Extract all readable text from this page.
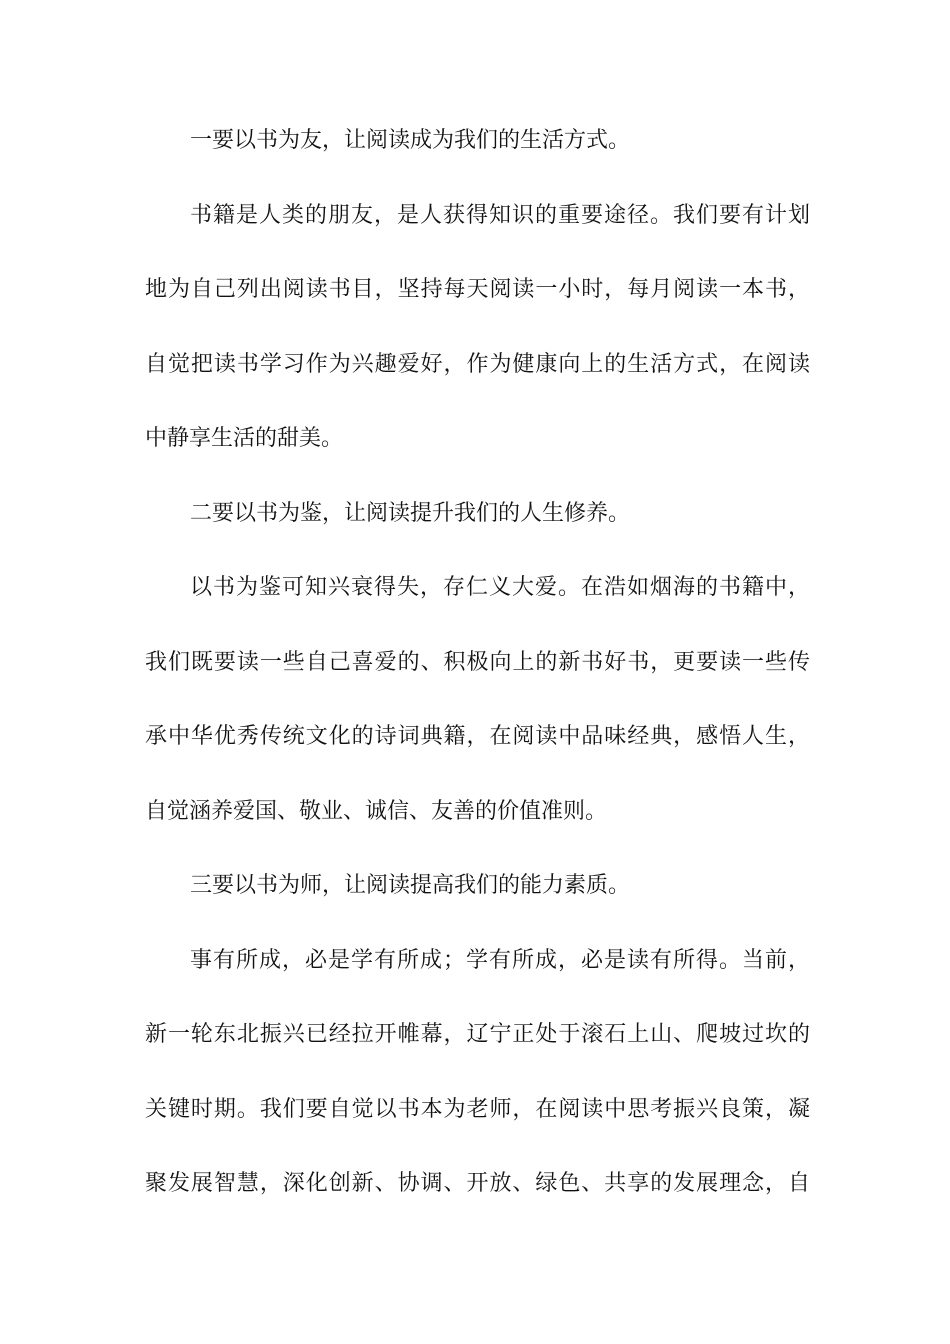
一要以书为友，让阅读成为我们的生活方式。
书籍是人类的朋友，是人获得知识的重要途径。我们要有计划
地为自己列出阅读书目，坚持每天阅读一小时，每月阅读一本书，
自觉把读书学习作为兴趣爱好，作为健康向上的生活方式，在阅读
中静享生活的甜美。
二要以书为鉴，让阅读提升我们的人生修养。
以书为鉴可知兴衰得失，存仁义大爱。在浩如烟海的书籍中，
我们既要读一些自己喜爱的、积极向上的新书好书，更要读一些传
承中华优秀传统文化的诗词典籍，在阅读中品味经典，感悟人生，
自觉涵养爱国、敬业、诚信、友善的价值准则。
三要以书为师，让阅读提高我们的能力素质。
事有所成，必是学有所成；学有所成，必是读有所得。当前，
新一轮东北振兴已经拉开帷幕，辽宁正处于滚石上山、爬坡过坎的
关键时期。我们要自觉以书本为老师，在阅读中思考振兴良策，凝
聚发展智慧，深化创新、协调、开放、绿色、共享的发展理念，自
